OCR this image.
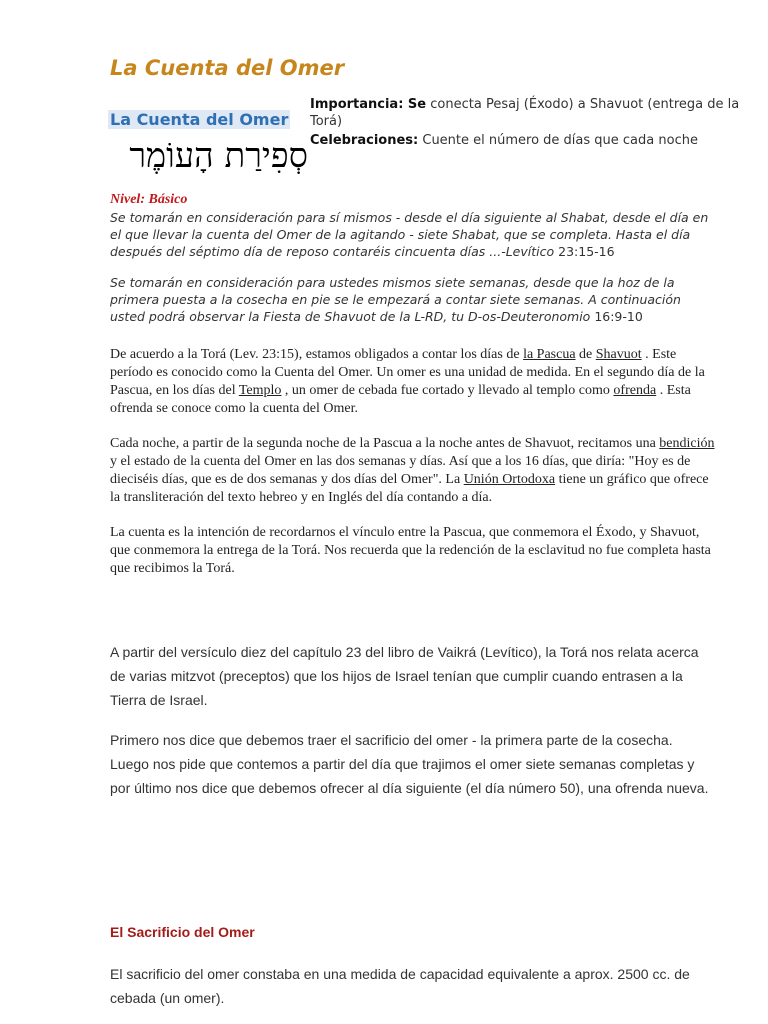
La Cuenta del Omer
La Cuenta del Omer
סְפִירַת הָעוֹמֶר
Importancia: Se conecta Pesaj (Éxodo) a Shavuot (entrega de la Torá)
Celebraciones: Cuente el número de días que cada noche
Nivel: Básico
Se tomarán en consideración para sí mismos - desde el día siguiente al Shabat, desde el día en el que llevar la cuenta del Omer de la agitando - siete Shabat, que se completa. Hasta el día después del séptimo día de reposo contaréis cincuenta días ...-Levítico 23:15-16
Se tomarán en consideración para ustedes mismos siete semanas, desde que la hoz de la primera puesta a la cosecha en pie se le empezará a contar siete semanas. A continuación usted podrá observar la Fiesta de Shavuot de la L-RD, tu D-os-Deuteronomio 16:9-10
De acuerdo a la Torá (Lev. 23:15), estamos obligados a contar los días de la Pascua de Shavuot . Este período es conocido como la Cuenta del Omer. Un omer es una unidad de medida. En el segundo día de la Pascua, en los días del Templo , un omer de cebada fue cortado y llevado al templo como ofrenda . Esta ofrenda se conoce como la cuenta del Omer.
Cada noche, a partir de la segunda noche de la Pascua a la noche antes de Shavuot, recitamos una bendición y el estado de la cuenta del Omer en las dos semanas y días. Así que a los 16 días, que diría: "Hoy es de dieciséis días, que es de dos semanas y dos días del Omer". La Unión Ortodoxa tiene un gráfico que ofrece la transliteración del texto hebreo y en Inglés del día contando a día.
La cuenta es la intención de recordarnos el vínculo entre la Pascua, que conmemora el Éxodo, y Shavuot, que conmemora la entrega de la Torá. Nos recuerda que la redención de la esclavitud no fue completa hasta que recibimos la Torá.
A partir del versículo diez del capítulo 23 del libro de Vaikrá (Levítico), la Torá nos relata acerca de varias mitzvot (preceptos) que los hijos de Israel tenían que cumplir cuando entrasen a la Tierra de Israel.
Primero nos dice que debemos traer el sacrificio del omer - la primera parte de la cosecha. Luego nos pide que contemos a partir del día que trajimos el omer siete semanas completas y por último nos dice que debemos ofrecer al día siguiente (el día número 50), una ofrenda nueva.
El Sacrificio del Omer
El sacrificio del omer constaba en una medida de capacidad equivalente a aprox. 2500 cc. de cebada (un omer).
